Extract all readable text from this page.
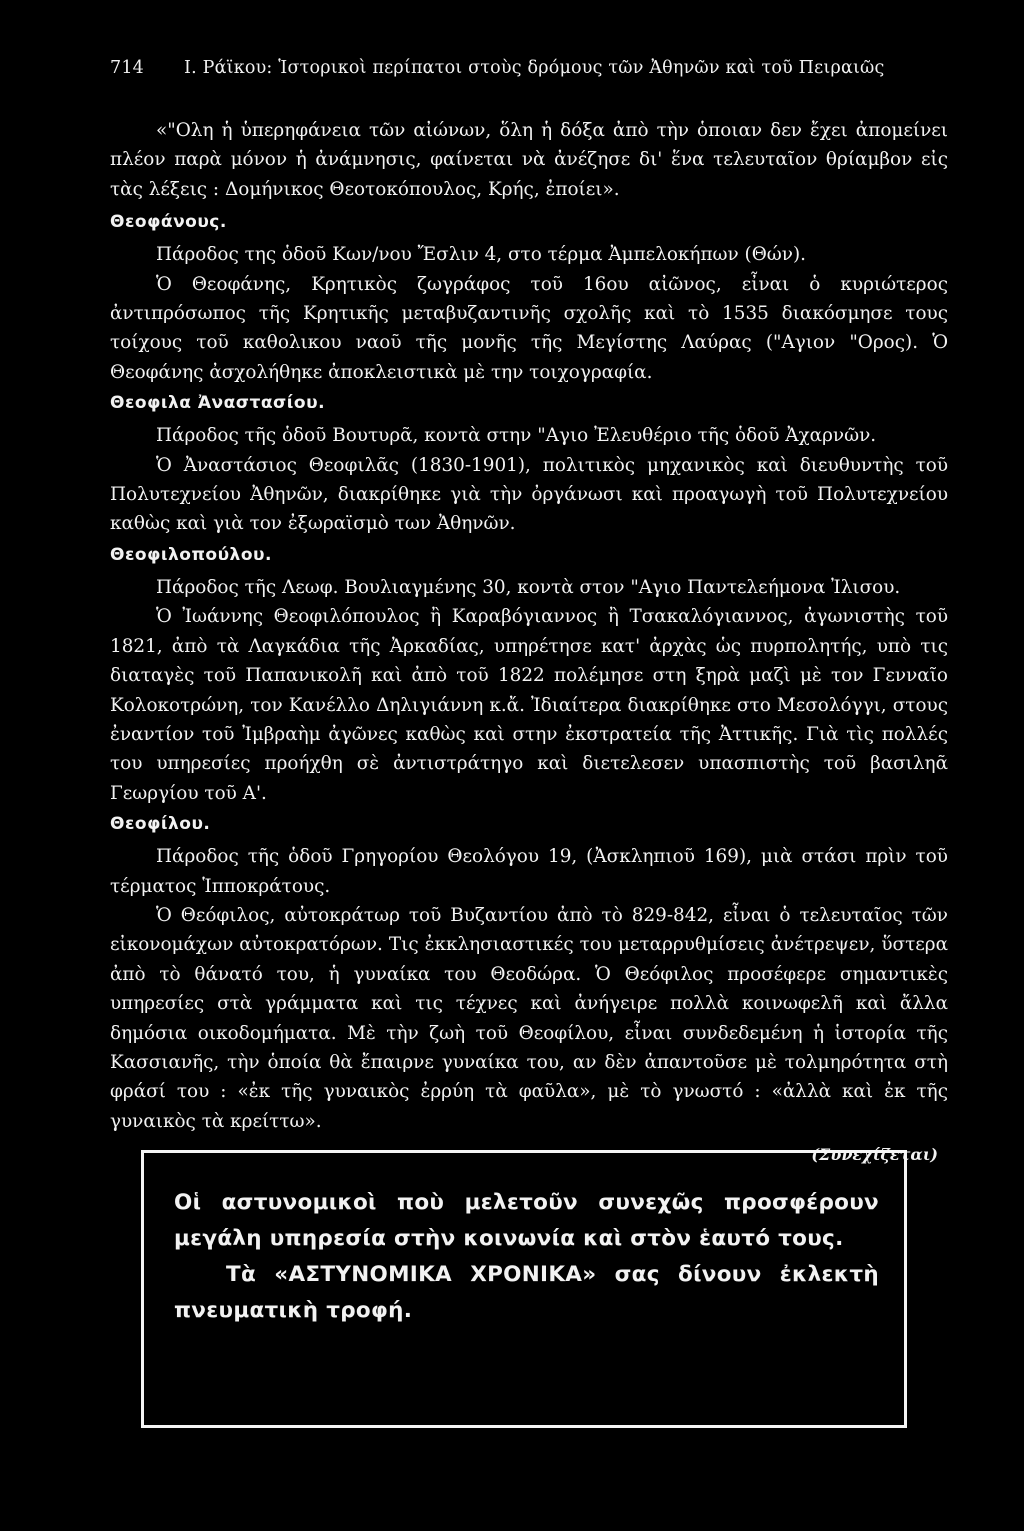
714 I. Ράϊκου: Ἱστορικοὶ περίπατοι στοὺς δρόμους τῶν Ἀθηνῶν καὶ τοῦ Πειραιῶς

«"Ολη ἡ ὑπερηφάνεια τῶν αἰώνων, ὅλη ἡ δόξα ἀπὸ τὴν ὁποιαν δεν ἔχει ἀπομείνει πλέον παρὰ μόνον ἡ ἀνάμνησις, φαίνεται νὰ ἀνέζησε δι' ἕνα τελευταῖον θρίαμβον εἰς τὰς λέξεις : Δομήνικος Θεοτοκόπουλος, Κρής, ἐποίει».

Θεοφάνους.

Πάροδος της ὁδοῦ Κων/νου Ἔσλιν 4, στο τέρμα Ἀμπελοκήπων (Θών).

Ὁ Θεοφάνης, Κρητικὸς ζωγράφος τοῦ 16ου αἰῶνος, εἶναι ὁ κυριώτερος ἀντιπρόσωπος τῆς Κρητικῆς μεταβυζαντινῆς σχολῆς καὶ τὸ 1535 διακόσμησε τους τοίχους τοῦ καθολικου ναοῦ τῆς μονῆς τῆς Μεγίστης Λαύρας ("Αγιον "Ορος). Ὁ Θεοφάνης ἀσχολήθηκε ἀποκλειστικὰ μὲ την τοιχογραφία.

Θεοφιλα Ἀναστασίου.

Πάροδος τῆς ὁδοῦ Βουτυρᾶ, κοντὰ στην "Αγιο Ἐλευθέριο τῆς ὁδοῦ Ἀχαρνῶν.

Ὁ Ἀναστάσιος Θεοφιλᾶς (1830-1901), πολιτικὸς μηχανικὸς καὶ διευθυντὴς τοῦ Πολυτεχνείου Ἀθηνῶν, διακρίθηκε γιὰ τὴν ὀργάνωσι καὶ προαγωγὴ τοῦ Πολυτεχνείου καθὼς καὶ γιὰ τον ἐξωραϊσμὸ των Ἀθηνῶν.

Θεοφιλοπούλου.

Πάροδος τῆς Λεωφ. Βουλιαγμένης 30, κοντὰ στον "Αγιο Παντελεήμονα Ἰλισου.

Ὁ Ἰωάννης Θεοφιλόπουλος ἢ Καραβόγιαννος ἢ Τσακαλόγιαννος, ἀγωνιστὴς τοῦ 1821, ἀπὸ τὰ Λαγκάδια τῆς Ἀρκαδίας, υπηρέτησε κατ' ἀρχὰς ὡς πυρπολητής, υπὸ τις διαταγὲς τοῦ Παπανικολῆ καὶ ἀπὸ τοῦ 1822 πολέμησε στη ξηρὰ μαζὶ μὲ τον Γενναῖο Κολοκοτρώνη, τον Κανέλλο Δηλιγιάννη κ.ἄ. Ἰδιαίτερα διακρίθηκε στο Μεσολόγγι, στους ἐναντίον τοῦ Ἰμβραὴμ ἀγῶνες καθὼς καὶ στην ἐκστρατεία τῆς Ἀττικῆς. Γιὰ τὶς πολλές του υπηρεσίες προήχθη σὲ ἀντιστράτηγο καὶ διετελεσεν υπασπιστὴς τοῦ βασιληᾶ Γεωργίου τοῦ Α'.

Θεοφίλου.

Πάροδος τῆς ὁδοῦ Γρηγορίου Θεολόγου 19, (Ἀσκληπιοῦ 169), μιὰ στάσι πρὶν τοῦ τέρματος Ἱπποκράτους.

Ὁ Θεόφιλος, αὐτοκράτωρ τοῦ Βυζαντίου ἀπὸ τὸ 829-842, εἶναι ὁ τελευταῖος τῶν εἰκονομάχων αὐτοκρατόρων. Τις ἐκκλησιαστικές του μεταρρυθμίσεις ἀνέτρεψεν, ὕστερα ἀπὸ τὸ θάνατό του, ἡ γυναίκα του Θεοδώρα. Ὁ Θεόφιλος προσέφερε σημαντικὲς υπηρεσίες στὰ γράμματα καὶ τις τέχνες καὶ ἀνήγειρε πολλὰ κοινωφελῆ καὶ ἄλλα δημόσια οικοδομήματα. Μὲ τὴν ζωὴ τοῦ Θεοφίλου, εἶναι συνδεδεμένη ἡ ἱστορία τῆς Κασσιανῆς, τὴν ὁποία θὰ ἔπαιρνε γυναίκα του, αν δὲν ἀπαντοῦσε μὲ τολμηρότητα στὴ φράσί του : «ἐκ τῆς γυναικὸς ἐρρύη τὰ φαῦλα», μὲ τὸ γνωστό : «ἀλλὰ καὶ ἐκ τῆς γυναικὸς τὰ κρείττω».

(Συνεχίζεται)
Οἱ αστυνομικοὶ ποὺ μελετοῦν συνεχῶς προσφέρουν μεγάλη υπηρεσία στὴν κοινωνία καὶ στὸν ἑαυτό τους.
Τὰ «ΑΣΤΥΝΟΜΙΚΑ ΧΡΟΝΙΚΑ» σας δίνουν ἐκλεκτὴ πνευματικὴ τροφή.
